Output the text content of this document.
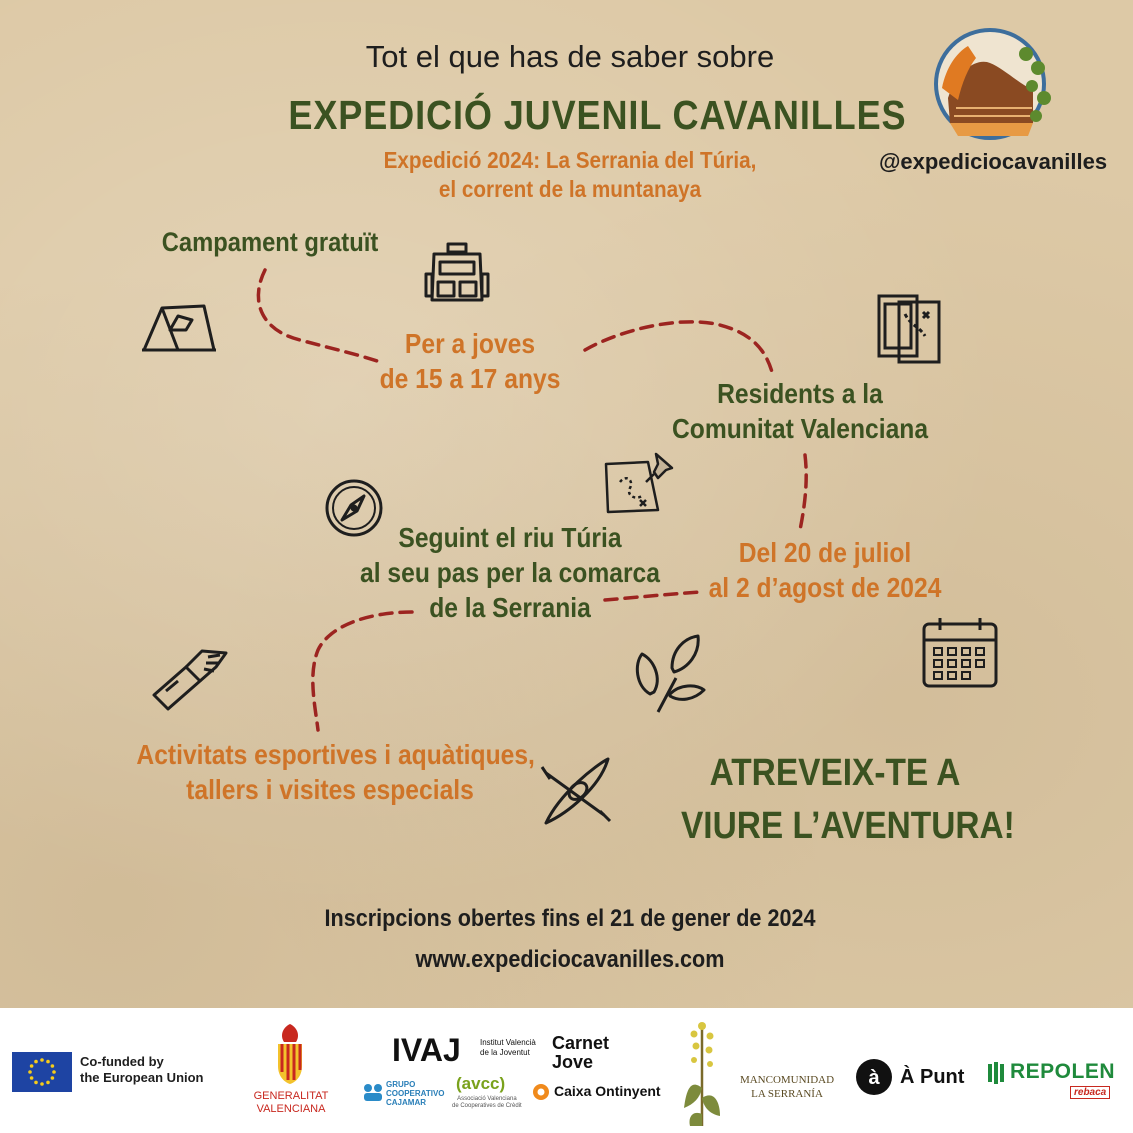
Tot el que has de saber sobre
EXPEDICIÓ JUVENIL CAVANILLES
Expedició 2024: La Serrania del Túria,
el corrent de la muntanaya
@expediciocavanilles
Campament gratuït
Per a joves
de 15 a 17 anys	Residents a la
Comunitat Valenciana
Seguint el riu Túria
al seu pas per la comarca
de la Serrania
Del 20 de juliol
al 2 d’agost de 2024
Activitats esportives i aquàtiques,
tallers i visites especials	ATREVEIX-TE A
VIURE L’AVENTURA!
Inscripcions obertes fins el 21 de gener de 2024
www.expediciocavanilles.com
Co-funded by
the European Union
GENERALITAT
VALENCIANA
IVAJ Institut Valencià
de la Joventut
GRUPO
COOPERATIVO
CAJAMAR
(avcc)
Associació Valenciana
de Cooperatives de Crèdit
Carnet
Jove
Caixa Ontinyent
MANCOMUNIDAD
LA SERRANÍA
à À Punt REPOLEN
rebaca
